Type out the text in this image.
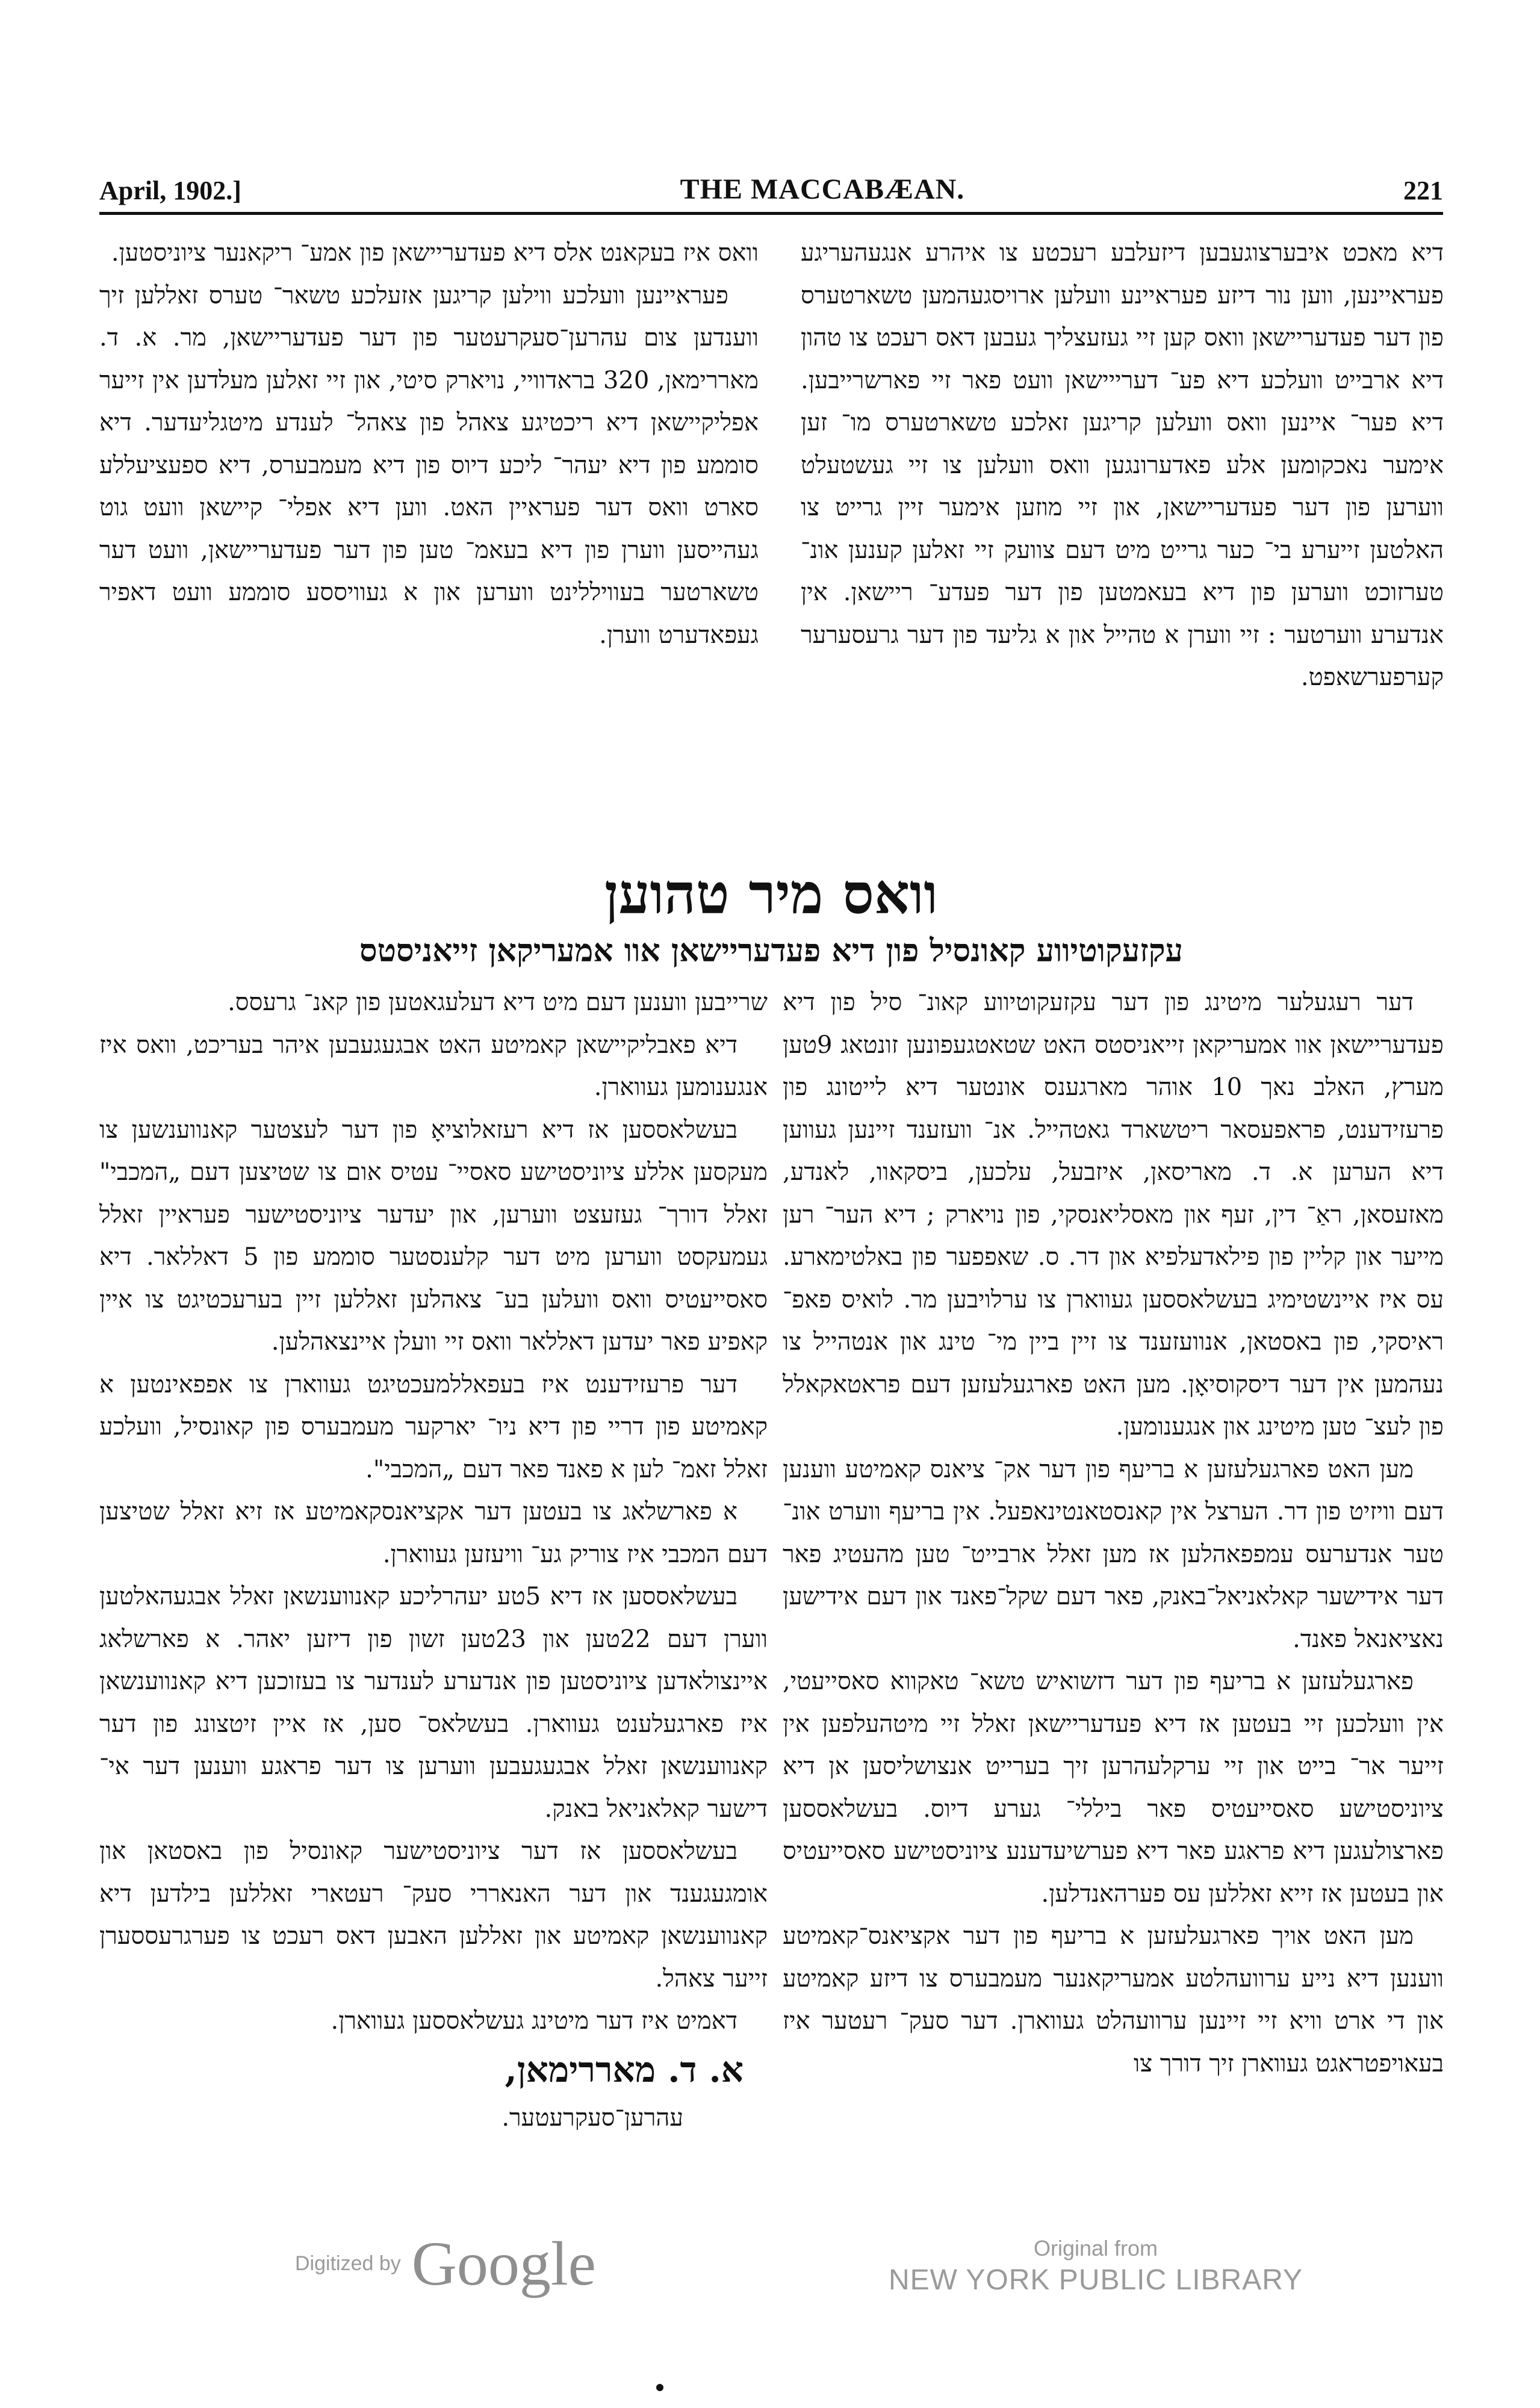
April, 1902.]	THE MACCABÆAN.	221

דיא מאכט איבערצוגעבען דיזעלבע רעכטע צו איהרע אנגעהעריגע פעראיינען, ווען נור דיזע פעראיינע וועלען ארויסגעהמען טשארטערס פון דער פעדעריישאן וואס קען זיי געזעצליך געבען דאס רעכט צו טהון דיא ארבייט וועלכע דיא פע־ דערייישאן וועט פאר זיי פארשרייבען. דיא פער־ איינען וואס וועלען קריגען זאלכע טשארטערס מו־ זען אימער נאכקומען אלע פאדערונגען וואס וועלען צו זיי געשטעלט ווערען פון דער פעדעריישאן, און זיי מוזען אימער זיין גרייט צו האלטען זייערע בי־ כער גרייט מיט דעם צוועק זיי זאלען קענען אונ־ טערזוכט ווערען פון דיא בעאמטען פון דער פעדע־ ריישאן. אין אנדערע ווערטער : זיי ווערן א טהייל און א גליעד פון דער גרעסערער קערפערשאפט.

וואס איז בעקאנט אלס דיא פעדעריישאן פון אמע־ ריקאנער ציוניסטען.

פעראיינען וועלכע ווילען קריגען אזעלכע טשאר־ טערס זאללען זיך ווענדען צום עהרען־סעקרעטער פון דער פעדעריישאן, מר. א. ד. מאררימאן, 320 בראדוויי, נויארק סיטי, און זיי זאלען מעלדען אין זייער אפליקיישאן דיא ריכטיגע צאהל פון צאהל־ לענדע מיטגליעדער. דיא סוממע פון דיא יעהר־ ליכע דיוס פון דיא מעמבערס, דיא ספעציעללע סארט וואס דער פעראיין האט. ווען דיא אפלי־ קיישאן וועט גוט געהייסען ווערן פון דיא בעאמ־ טען פון דער פעדעריישאן, וועט דער טשארטער בעוויללינט ווערען און א געוויססע סוממע וועט דאפיר געפאדערט ווערן.

וואס מיר טהוען
עקזעקוטיווע קאונסיל פון דיא פעדעריישאן אוו אמעריקאן זייאניסטס

דער רעגעלער מיטינג פון דער עקזעקוטיווע קאונ־ סיל פון דיא פעדעריישאן אוו אמעריקאן זייאניסטס האט שטאטגעפונען זונטאג 9טען מערץ, האלב נאך 10 אוהר מארגענס אונטער דיא לייטונג פון פרעזידענט, פראפעסאר ריטשארד גאטהייל. אנ־ וועזענד זיינען געווען דיא הערען א. ד. מאריסאן, איזבעל, עלכען, ביסקאוו, לאנדע, מאזעסאן, ראַ־ דין, זעף און מאסליאנסקי, פון נויארק ; דיא הער־ רען מייער און קליין פון פילאדעלפיא און דר. ס. שאפפער פון באלטימארע. עס איז איינשטימיג בעשלאססען געווארן צו ערלויבען מר. לואיס פאפ־ ראיסקי, פון באסטאן, אנוועזענד צו זיין ביין מי־ טינג און אנטהייל צו נעהמען אין דער דיסקוסיאָן. מען האט פארגעלעזען דעם פראטאקאלל פון לעצ־ טען מיטינג און אנגענומען.

מען האט פארגעלעזען א בריעף פון דער אק־ ציאנס קאמיטע ווענען דעם וויזיט פון דר. הערצל אין קאנסטאנטינאפעל. אין בריעף ווערט אונ־ טער אנדערעס עמפפאהלען אז מען זאלל ארבייט־ טען מהעטיג פאר דער אידישער קאלאניאל־באנק, פאר דעם שקל־פאנד און דעם אידישען נאציאנאל פאנד.

פארגעלעזען א בריעף פון דער דזשואיש טשא־ טאקווא סאסייעטי, אין וועלכען זיי בעטען אז דיא פעדעריישאן זאלל זיי מיטהעלפען אין זייער אר־ בייט און זיי ערקלעהרען זיך בערייט אנצושליסען אן דיא ציוניסטישע סאסייעטיס פאר ביללי־ גערע דיוס. בעשלאססען פארצולעגען דיא פראגע פאר דיא פערשיעדענע ציוניסטישע סאסייעטיס און בעטען אז זייא זאללען עס פערהאנדלען.

מען האט אויך פארגעלעזען א בריעף פון דער אקציאנס־קאמיטע ווענען דיא נייע ערוועהלטע אמעריקאנער מעמבערס צו דיזע קאמיטע און די ארט וויא זיי זיינען ערוועהלט געווארן. דער סעק־ רעטער איז בעאויפטראגט געווארן זיך דורך צו

שרייבען ווענען דעם מיט דיא דעלעגאטען פון קאנ־ גרעסס.

דיא פאבליקיישאן קאמיטע האט אבגעגעבען איהר בעריכט, וואס איז אנגענומען געווארן.

בעשלאססען אז דיא רעזאלוציאָ פון דער לעצטער קאנווענשען צו מעקסען אללע ציוניסטישע סאסיי־ עטיס אום צו שטיצען דעם „המכבי" זאלל דורך־ געזעצט ווערען, און יעדער ציוניסטישער פעראיין זאלל געמעקסט ווערען מיט דער קלענסטער סוממע פון 5 דאללאר. דיא סאסייעטיס וואס וועלען בע־ צאהלען זאללען זיין בערעכטיגט צו איין קאפיע פאר יעדען דאללאר וואס זיי וועלן איינצאהלען.

דער פרעזידענט איז בעפאללמעכטיגט געווארן צו אפפאינטען א קאמיטע פון דריי פון דיא ניו־ יארקער מעמבערס פון קאונסיל, וועלכע זאלל זאמ־ לען א פאנד פאר דעם „המכבי".

א פארשלאג צו בעטען דער אקציאנסקאמיטע אז זיא זאלל שטיצען דעם המכבי איז צוריק גע־ וויעזען געווארן.

בעשלאססען אז דיא 5טע יעהרליכע קאנווענשאן זאלל אבגעהאלטען ווערן דעם 22טען און 23טען זשון פון דיזען יאהר. א פארשלאג איינצולאדען ציוניסטען פון אנדערע לענדער צו בעזוכען דיא קאנווענשאן איז פארגעלענט געווארן. בעשלאס־ סען, אז איין זיטצונג פון דער קאנווענשאן זאלל אבגעגעבען ווערען צו דער פראגע ווענען דער אי־ דישער קאלאניאל באנק.

בעשלאססען אז דער ציוניסטישער קאונסיל פון באסטאן און אומגעגענד און דער האנאררי סעק־ רעטארי זאללען בילדען דיא קאנווענשאן קאמיטע און זאללען האבען דאס רעכט צו פערגרעססערן זייער צאהל.

דאמיט איז דער מיטינג געשלאססען געווארן.

א. ד. מאררימאן,

עהרען־סעקרעטער.

Digitized by Google	Original from
NEW YORK PUBLIC LIBRARY
